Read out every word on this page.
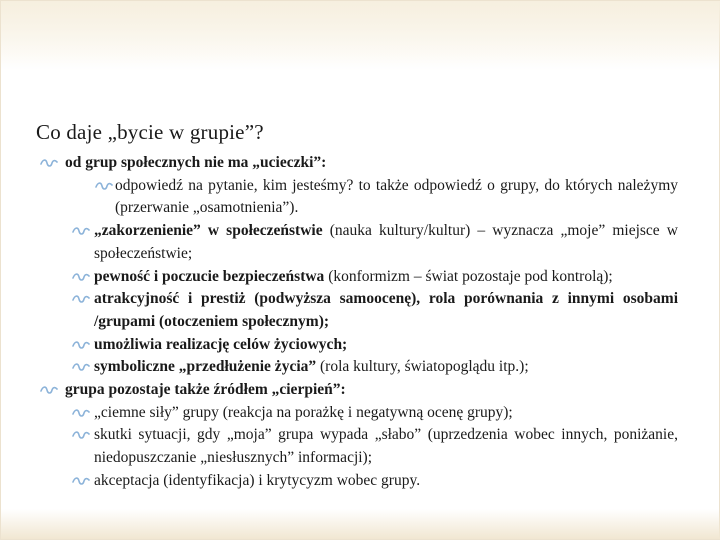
Co daje „bycie w grupie”?
od grup społecznych nie ma „ucieczki”:
odpowiedź na pytanie, kim jesteśmy? to także odpowiedź o grupy, do których należymy (przerwanie „osamotnienia”).
„zakorzenienie” w społeczeństwie (nauka kultury/kultur) – wyznacza „moje” miejsce w społeczeństwie;
pewność i poczucie bezpieczeństwa (konformizm – świat pozostaje pod kontrolą);
atrakcyjność i prestiż (podwyższa samoocenę), rola porównania z innymi osobami /grupami (otoczeniem społecznym);
umożliwia realizację celów życiowych;
symboliczne „przedłużenie życia” (rola kultury, światopoglądu itp.);
grupa pozostaje także źródłem „cierpień”:
„ciemne siły” grupy (reakcja na porażkę i negatywną ocenę grupy);
skutki sytuacji, gdy „moja” grupa wypada „słabo” (uprzedzenia wobec innych, poniżanie, niedopuszczanie „niesłusznych” informacji);
akceptacja (identyfikacja) i krytycyzm wobec grupy.
